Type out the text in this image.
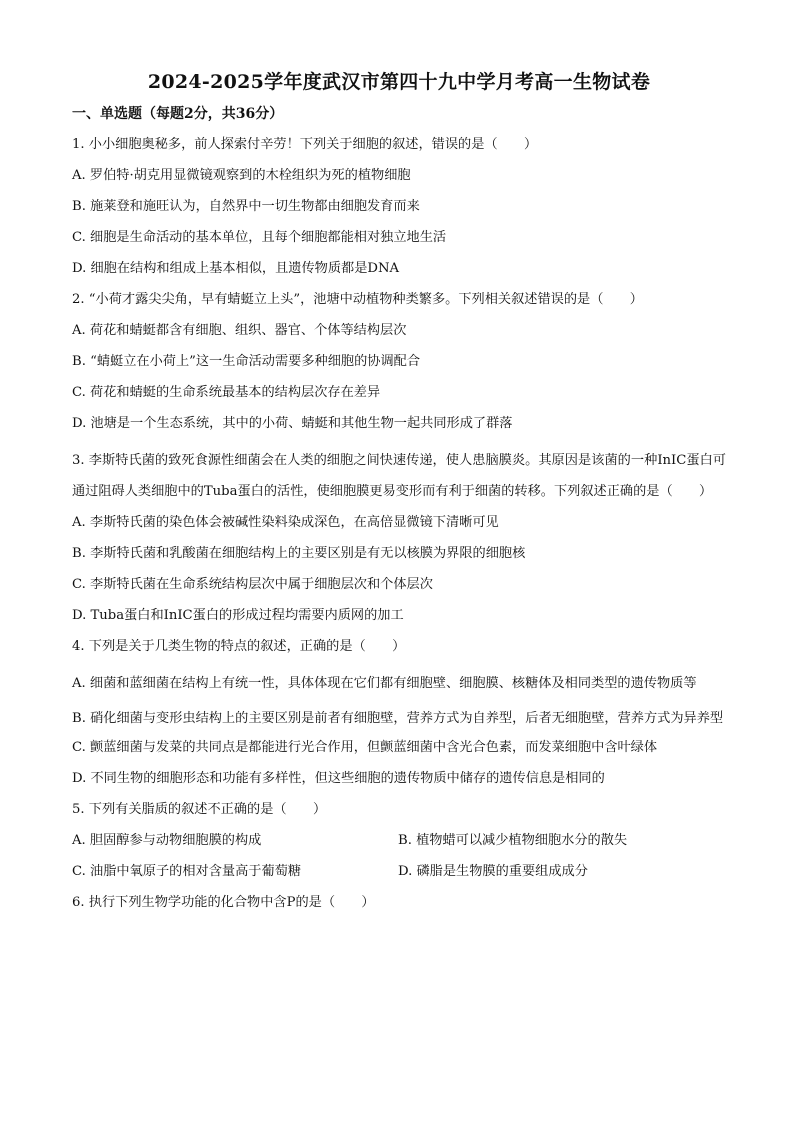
2024-2025学年度武汉市第四十九中学月考高一生物试卷
一、单选题（每题2分，共36分）
1. 小小细胞奥秘多，前人探索付辛劳！下列关于细胞的叙述，错误的是（　　）
A. 罗伯特·胡克用显微镜观察到的木栓组织为死的植物细胞
B. 施莱登和施旺认为，自然界中一切生物都由细胞发育而来
C. 细胞是生命活动的基本单位，且每个细胞都能相对独立地生活
D. 细胞在结构和组成上基本相似，且遗传物质都是DNA
2. “小荷才露尖尖角，早有蜻蜓立上头”，池塘中动植物种类繁多。下列相关叙述错误的是（　　）
A. 荷花和蜻蜓都含有细胞、组织、器官、个体等结构层次
B. “蜻蜓立在小荷上”这一生命活动需要多种细胞的协调配合
C. 荷花和蜻蜓的生命系统最基本的结构层次存在差异
D. 池塘是一个生态系统，其中的小荷、蜻蜓和其他生物一起共同形成了群落
3. 李斯特氏菌的致死食源性细菌会在人类的细胞之间快速传递，使人患脑膜炎。其原因是该菌的一种InIC蛋白可通过阻碍人类细胞中的Tuba蛋白的活性，使细胞膜更易变形而有利于细菌的转移。下列叙述正确的是（　　）
A. 李斯特氏菌的染色体会被碱性染料染成深色，在高倍显微镜下清晰可见
B. 李斯特氏菌和乳酸菌在细胞结构上的主要区别是有无以核膜为界限的细胞核
C. 李斯特氏菌在生命系统结构层次中属于细胞层次和个体层次
D. Tuba蛋白和InIC蛋白的形成过程均需要内质网的加工
4. 下列是关于几类生物的特点的叙述，正确的是（　　）
A. 细菌和蓝细菌在结构上有统一性，具体体现在它们都有细胞壁、细胞膜、核糖体及相同类型的遗传物质等
B. 硝化细菌与变形虫结构上的主要区别是前者有细胞壁，营养方式为自养型，后者无细胞壁，营养方式为异养型
C. 颤蓝细菌与发菜的共同点是都能进行光合作用，但颤蓝细菌中含光合色素，而发菜细胞中含叶绿体
D. 不同生物的细胞形态和功能有多样性，但这些细胞的遗传物质中储存的遗传信息是相同的
5. 下列有关脂质的叙述不正确的是（　　）
A. 胆固醇参与动物细胞膜的构成	B. 植物蜡可以减少植物细胞水分的散失
C. 油脂中氧原子的相对含量高于葡萄糖	D. 磷脂是生物膜的重要组成成分
6. 执行下列生物学功能的化合物中含P的是（　　）
